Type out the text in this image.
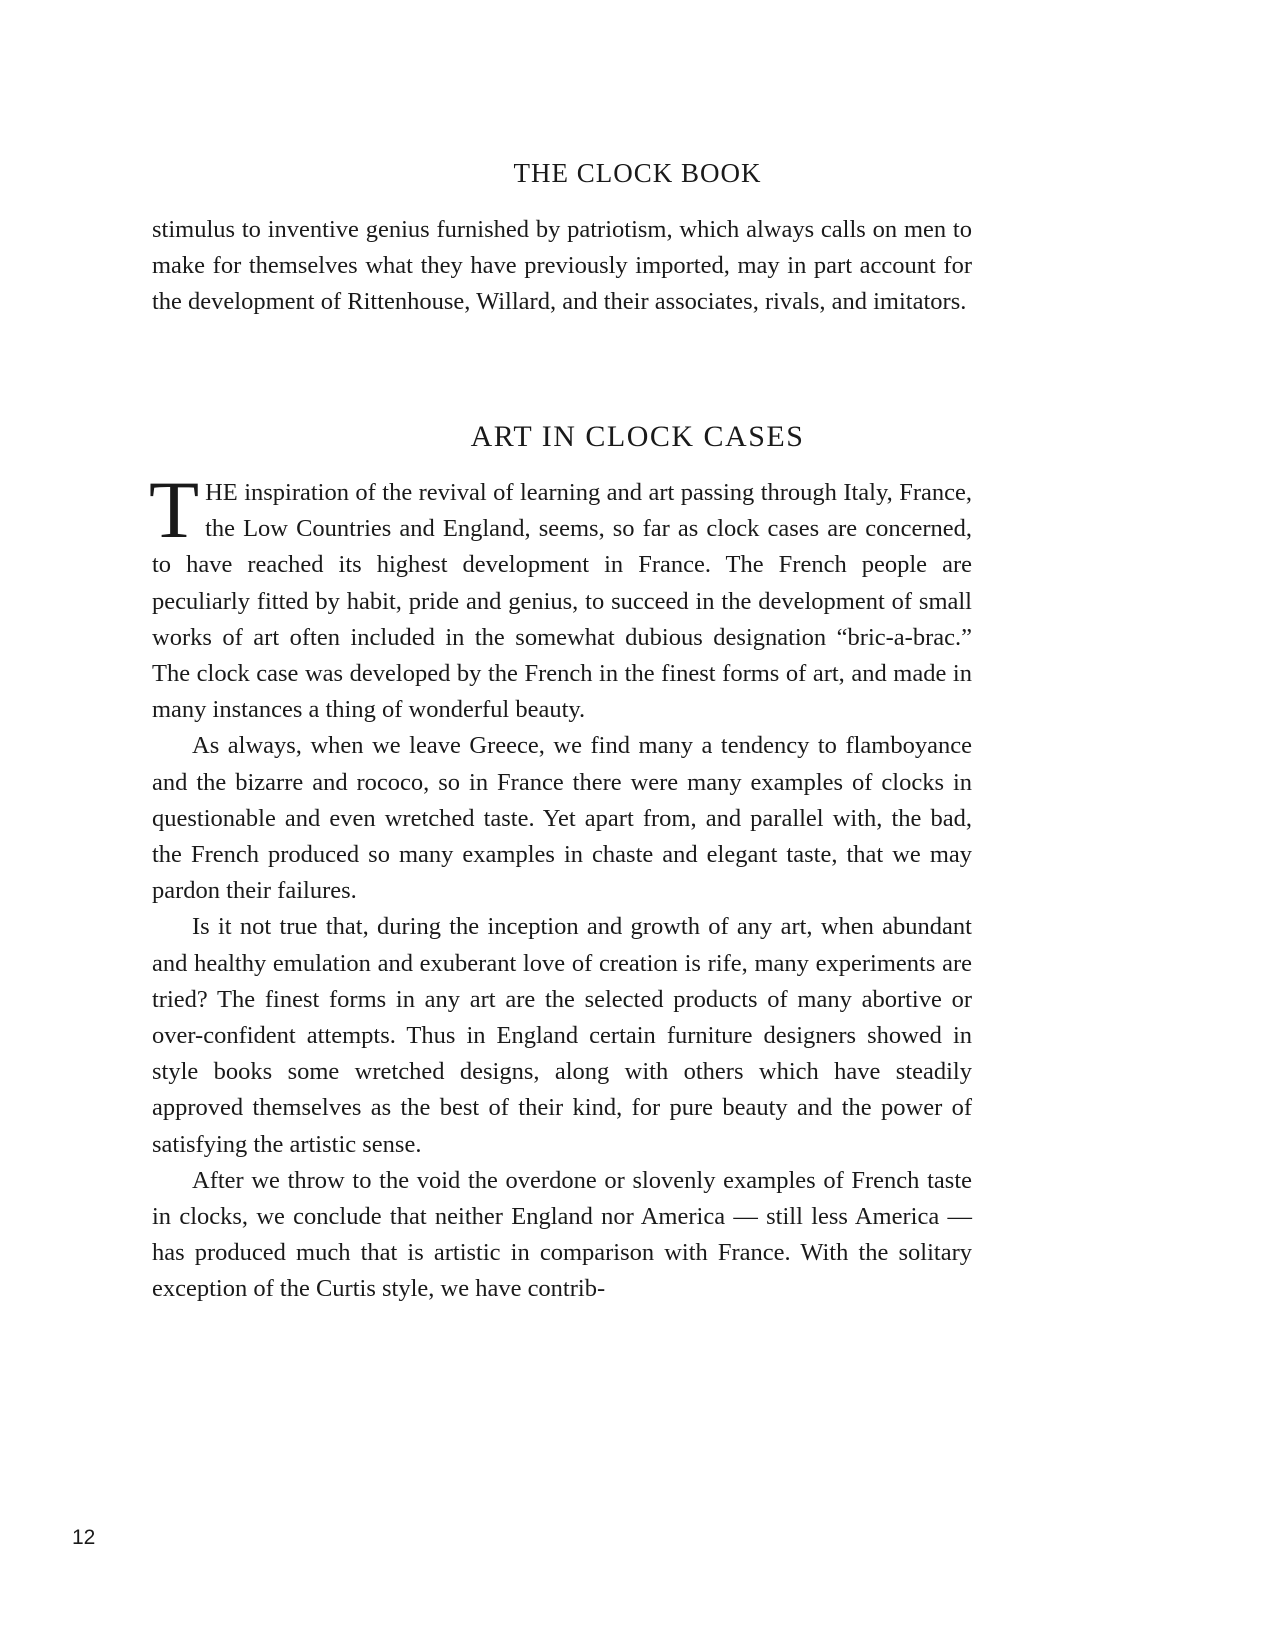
THE CLOCK BOOK
stimulus to inventive genius furnished by patriotism, which always calls on men to make for themselves what they have previously imported, may in part account for the development of Rittenhouse, Willard, and their associates, rivals, and imitators.
ART IN CLOCK CASES

THE inspiration of the revival of learning and art passing through Italy, France, the Low Countries and England, seems, so far as clock cases are concerned, to have reached its highest development in France. The French people are peculiarly fitted by habit, pride and genius, to succeed in the development of small works of art often included in the somewhat dubious designation “bric-a-brac.” The clock case was developed by the French in the finest forms of art, and made in many instances a thing of wonderful beauty.

As always, when we leave Greece, we find many a tendency to flamboyance and the bizarre and rococo, so in France there were many examples of clocks in questionable and even wretched taste. Yet apart from, and parallel with, the bad, the French produced so many examples in chaste and elegant taste, that we may pardon their failures.

Is it not true that, during the inception and growth of any art, when abundant and healthy emulation and exuberant love of creation is rife, many experiments are tried? The finest forms in any art are the selected products of many abortive or over-confident attempts. Thus in England certain furniture designers showed in style books some wretched designs, along with others which have steadily approved themselves as the best of their kind, for pure beauty and the power of satisfying the artistic sense.

After we throw to the void the overdone or slovenly examples of French taste in clocks, we conclude that neither England nor America — still less America — has produced much that is artistic in comparison with France. With the solitary exception of the Curtis style, we have contrib-

12
